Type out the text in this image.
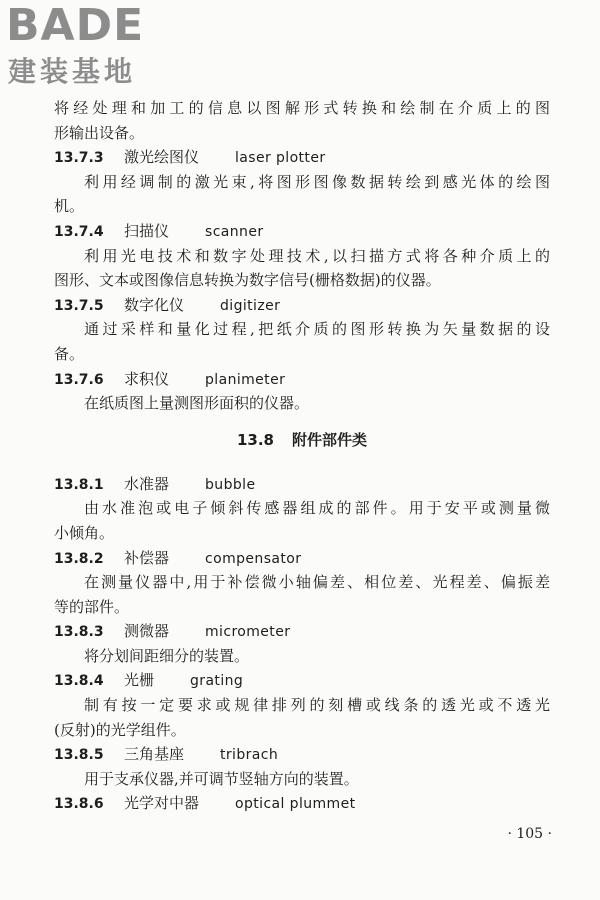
BADE
建装基地
将经处理和加工的信息以图解形式转换和绘制在介质上的图
形输出设备。
13.7.3 激光绘图仪	laser plotter
利用经调制的激光束,将图形图像数据转绘到感光体的绘图
机。
13.7.4 扫描仪	scanner
利用光电技术和数字处理技术,以扫描方式将各种介质上的
图形、文本或图像信息转换为数字信号(栅格数据)的仪器。
13.7.5 数字化仪	digitizer
通过采样和量化过程,把纸介质的图形转换为矢量数据的设
备。
13.7.6 求积仪	planimeter
在纸质图上量测图形面积的仪器。
13.8 附件部件类
13.8.1 水准器	bubble
由水准泡或电子倾斜传感器组成的部件。用于安平或测量微
小倾角。
13.8.2 补偿器	compensator
在测量仪器中,用于补偿微小轴偏差、相位差、光程差、偏振差
等的部件。
13.8.3 测微器	micrometer
将分划间距细分的装置。
13.8.4 光栅	grating
制有按一定要求或规律排列的刻槽或线条的透光或不透光
(反射)的光学组件。
13.8.5 三角基座	tribrach
用于支承仪器,并可调节竖轴方向的装置。
13.8.6 光学对中器	optical plummet
· 105 ·
